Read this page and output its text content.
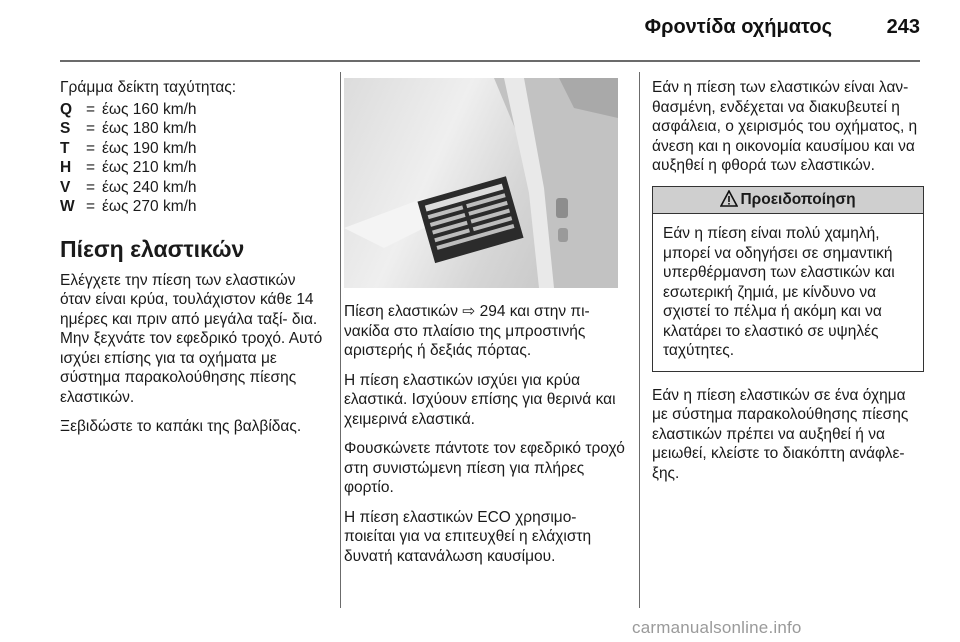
Φροντίδα οχήματος	243
Γράμμα δείκτη ταχύτητας:
Q = έως 160 km/h
S	= έως 180 km/h
T	= έως 190 km/h
H = έως 210 km/h
V	= έως 240 km/h
W = έως 270 km/h
Πίεση ελαστικών

Ελέγχετε την πίεση των ελαστικών όταν είναι κρύα, τουλάχιστον κάθε 14 ημέρες και πριν από μεγάλα ταξί- δια. Μην ξεχνάτε τον εφεδρικό τροχό. Αυτό ισχύει επίσης για τα οχήματα με σύστημα παρακολούθησης πίεσης ελαστικών.

Ξεβιδώστε το καπάκι της βαλβίδας.

Πίεση ελαστικών ⇨ 294 και στην πι- νακίδα στο πλαίσιο της μπροστινής αριστερής ή δεξιάς πόρτας.

Η πίεση ελαστικών ισχύει για κρύα ελαστικά. Ισχύουν επίσης για θερινά και χειμερινά ελαστικά.

Φουσκώνετε πάντοτε τον εφεδρικό τροχό στη συνιστώμενη πίεση για πλήρες φορτίο.

Η πίεση ελαστικών ECO χρησιμο- ποιείται για να επιτευχθεί η ελάχιστη δυνατή κατανάλωση καυσίμου.

Εάν η πίεση των ελαστικών είναι λαν- θασμένη, ενδέχεται να διακυβευτεί η ασφάλεια, ο χειρισμός του οχήματος, η άνεση και η οικονομία καυσίμου και να αυξηθεί η φθορά των ελαστικών.

Προειδοποίηση
Εάν η πίεση είναι πολύ χαμηλή, μπορεί να οδηγήσει σε σημαντική υπερθέρμανση των ελαστικών και εσωτερική ζημιά, με κίνδυνο να σχιστεί το πέλμα ή ακόμη και να κλατάρει το ελαστικό σε υψηλές ταχύτητες.

Εάν η πίεση ελαστικών σε ένα όχημα με σύστημα παρακολούθησης πίεσης ελαστικών πρέπει να αυξηθεί ή να μειωθεί, κλείστε το διακόπτη ανάφλε- ξης.

carmanualsonline.info
